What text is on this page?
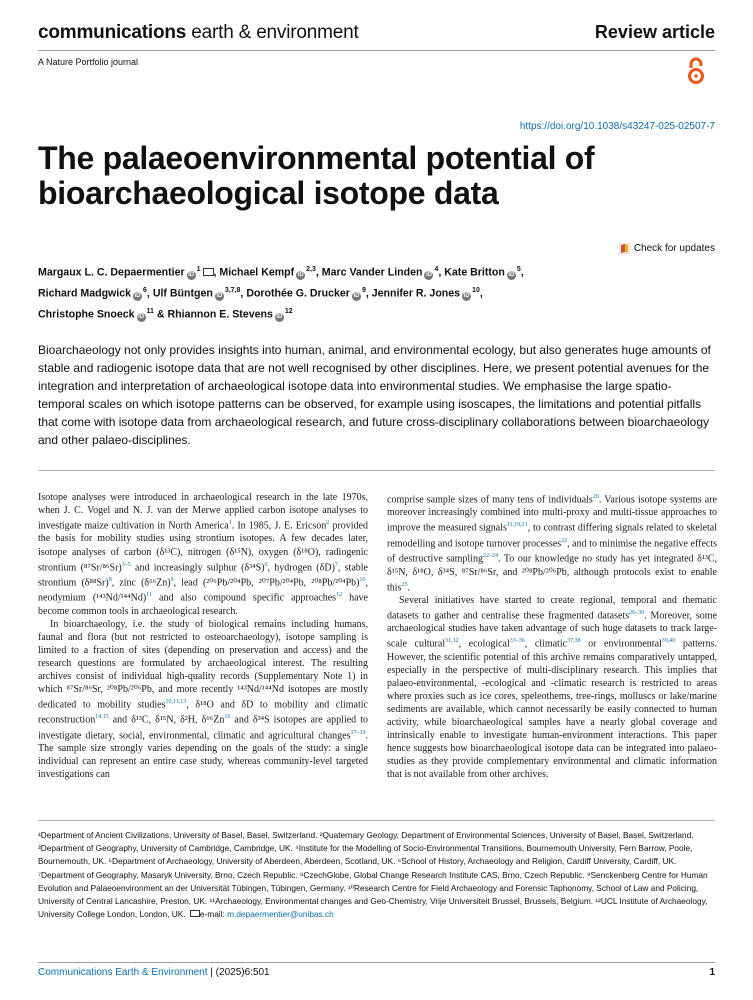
communications earth & environment	Review article
A Nature Portfolio journal
https://doi.org/10.1038/s43247-025-02507-7
The palaeoenvironmental potential of bioarchaeological isotope data
Check for updates
Margaux L. C. Depaermentier $iD^1$ , Michael Kempf iD$^{2,3}$, Marc Vander Linden $iD^4$, Kate Britton $iD^5$,
Richard Madgwick $iD^6$, Ulf Büntgen iD$^{3,7,8}$, Dorothée G. Drucker $iD^9$, Jennifer R. Jones $iD^{10}$,
Christophe Snoeck $iD^{11}$ & Rhiannon E. Stevens $iD^{12}$

Bioarchaeology not only provides insights into human, animal, and environmental ecology, but also generates huge amounts of stable and radiogenic isotope data that are not well recognised by other disciplines. Here, we present potential avenues for the integration and interpretation of archaeological isotope data into environmental studies. We emphasise the large spatio-temporal scales on which isotope patterns can be observed, for example using isoscapes, the limitations and potential pitfalls that come with isotope data from archaeological research, and future cross-disciplinary collaborations between bioarchaeology and other palaeo-disciplines.

Isotope analyses were introduced in archaeological research in the late 1970s, when J. C. Vogel and N. J. van der Merwe applied carbon isotope analyses to investigate maize cultivation in North America$^1$. In 1985, J. E. Ericson$^2$ provided the basis for mobility studies using strontium isotopes. A few decades later, isotope analyses of carbon (δ¹³C), nitrogen (δ¹⁵N), oxygen (δ¹⁸O), radiogenic strontium (⁸⁷Sr/⁸⁶Sr)$^{3-5}$ and increasingly sulphur (δ³⁴S)$^6$, hydrogen (δD)$^7$, stable strontium (δ⁸⁸Sr)$^8$, zinc (δ⁶⁶Zn)$^9$, lead (²⁰⁶Pb/²⁰⁴Pb, ²⁰⁷Pb/²⁰⁴Pb, ²⁰⁸Pb/²⁰⁴Pb)$^{10}$, neodymium (¹⁴³Nd/¹⁴⁴Nd)$^{11}$ and also compound specific approaches$^{12}$ have become common tools in archaeological research.

In bioarchaeology, i.e. the study of biological remains including humans, faunal and flora (but not restricted to osteoarchaeology), isotope sampling is limited to a fraction of sites (depending on preservation and access) and the research questions are formulated by archaeological interest. The resulting archives consist of individual high-quality records (Supplementary Note 1) in which ⁸⁷Sr/⁸⁶Sr, ²⁰⁸Pb/²⁰⁶Pb, and more recently ¹⁴³Nd/¹⁴⁴Nd isotopes are mostly dedicated to mobility studies$^{10,11,13}$, δ¹⁸O and δD to mobility and climatic reconstruction$^{14,15}$ and δ¹³C, δ¹⁵N, δ²H, δ⁶⁶Zn$^{16}$ and δ³⁴S isotopes are applied to investigate dietary, social, environmental, climatic and agricultural changes$^{17-19}$. The sample size strongly varies depending on the goals of the study: a single individual can represent an entire case study, whereas community-level targeted investigations can

comprise sample sizes of many tens of individuals$^{20}$. Various isotope systems are moreover increasingly combined into multi-proxy and multi-tissue approaches to improve the measured signals$^{11,19,21}$, to contrast differing signals related to skeletal remodelling and isotope turnover processes$^{22}$, and to minimise the negative effects of destructive sampling$^{22-24}$. To our knowledge no study has yet integrated δ¹³C, δ¹⁵N, δ¹⁸O, δ³⁴S, ⁸⁷Sr/⁸⁶Sr, and ²⁰⁸Pb/²⁰⁶Pb, although protocols exist to enable this$^{25}$.

Several initiatives have started to create regional, temporal and thematic datasets to gather and centralise these fragmented datasets$^{26-30}$. Moreover, some archaeological studies have taken advantage of such huge datasets to track large-scale cultural$^{31,32}$, ecological$^{33-36}$, climatic$^{37,38}$ or environmental$^{39,40}$ patterns. However, the scientific potential of this archive remains comparatively untapped, especially in the perspective of multi-disciplinary research. This implies that palaeo-environmental, -ecological and -climatic research is restricted to areas where proxies such as ice cores, speleothems, tree-rings, molluscs or lake/marine sediments are available, which cannot necessarily be easily connected to human activity, while bioarchaeological samples have a nearly global coverage and intrinsically enable to investigate human-environment interactions. This paper hence suggests how bioarchaeological isotope data can be integrated into palaeo-studies as they provide complementary environmental and climatic information that is not available from other archives.

¹Department of Ancient Civilizations, University of Basel, Basel, Switzerland. ²Quaternary Geology, Department of Environmental Sciences, University of Basel, Basel, Switzerland. ³Department of Geography, University of Cambridge, Cambridge, UK. ⁴Institute for the Modelling of Socio-Environmental Transitions, Bournemouth University, Fern Barrow, Poole, Bournemouth, UK. ⁵Department of Archaeology, University of Aberdeen, Aberdeen, Scotland, UK. ⁶School of History, Archaeology and Religion, Cardiff University, Cardiff, UK. ⁷Department of Geography, Masaryk University, Brno, Czech Republic. ⁸CzechGlobe, Global Change Research Institute CAS, Brno, Czech Republic. ⁹Senckenberg Centre for Human Evolution and Palaeoenvironment an der Universität Tübingen, Tübingen, Germany. ¹⁰Research Centre for Field Archaeology and Forensic Taphonomy, School of Law and Policing, University of Central Lancashire, Preston, UK. ¹¹Archaeology, Environmental changes and Geo-Chemistry, Vrije Universiteit Brussel, Brussels, Belgium. ¹²UCL Institute of Archaeology, University College London, London, UK. e-mail: m.depaermentier@unibas.ch
Communications Earth & Environment | (2025)6:501	1
